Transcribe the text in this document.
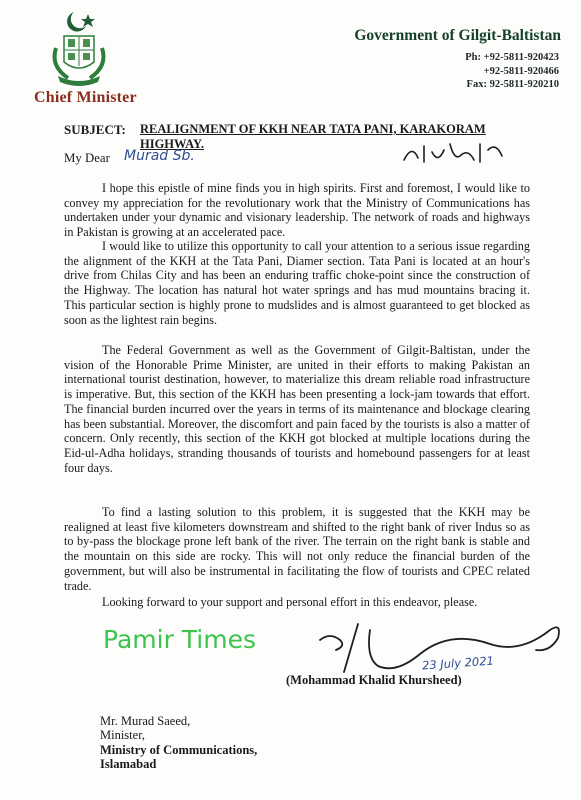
Chief Minister
Government of Gilgit-Baltistan
Ph: +92-5811-920423
+92-5811-920466
Fax: 92-5811-920210
SUBJECT: REALIGNMENT OF KKH NEAR TATA PANI, KARAKORAM HIGHWAY.
My Dear Murad Sb.
I hope this epistle of mine finds you in high spirits. First and foremost, I would like to convey my appreciation for the revolutionary work that the Ministry of Communications has undertaken under your dynamic and visionary leadership. The network of roads and highways in Pakistan is growing at an accelerated pace.
I would like to utilize this opportunity to call your attention to a serious issue regarding the alignment of the KKH at the Tata Pani, Diamer section. Tata Pani is located at an hour's drive from Chilas City and has been an enduring traffic choke-point since the construction of the Highway. The location has natural hot water springs and has mud mountains bracing it. This particular section is highly prone to mudslides and is almost guaranteed to get blocked as soon as the lightest rain begins.
The Federal Government as well as the Government of Gilgit-Baltistan, under the vision of the Honorable Prime Minister, are united in their efforts to making Pakistan an international tourist destination, however, to materialize this dream reliable road infrastructure is imperative. But, this section of the KKH has been presenting a lock-jam towards that effort. The financial burden incurred over the years in terms of its maintenance and blockage clearing has been substantial. Moreover, the discomfort and pain faced by the tourists is also a matter of concern. Only recently, this section of the KKH got blocked at multiple locations during the Eid-ul-Adha holidays, stranding thousands of tourists and homebound passengers for at least four days.
To find a lasting solution to this problem, it is suggested that the KKH may be realigned at least five kilometers downstream and shifted to the right bank of river Indus so as to by-pass the blockage prone left bank of the river. The terrain on the right bank is stable and the mountain on this side are rocky. This will not only reduce the financial burden of the government, but will also be instrumental in facilitating the flow of tourists and CPEC related trade.
Looking forward to your support and personal effort in this endeavor, please.
Pamir Times
23 July 2021
(Mohammad Khalid Khursheed)
Mr. Murad Saeed,
Minister,
Ministry of Communications,
Islamabad
